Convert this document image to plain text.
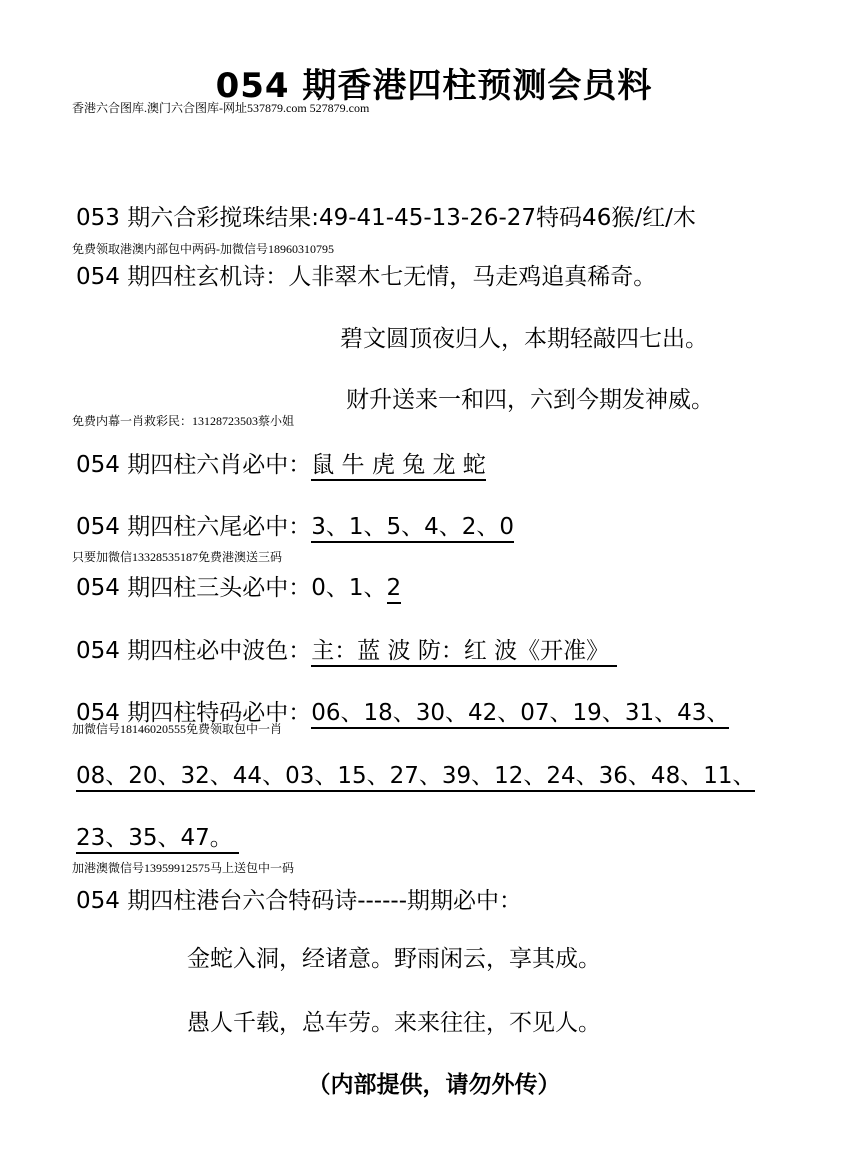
054 期香港四柱预测会员料
香港六合图库.澳门六合图库-网址537879.com 527879.com
053 期六合彩搅珠结果:49-41-45-13-26-27特码46猴/红/木
免费领取港澳内部包中两码-加微信号18960310795
054 期四柱玄机诗：人非翠木七无情，马走鸡追真稀奇。
碧文圆顶夜归人，本期轻敲四七出。
财升送来一和四，六到今期发神威。
免费内幕一肖救彩民：13128723503蔡小姐
054 期四柱六肖必中：鼠 牛 虎 兔 龙 蛇
054 期四柱六尾必中：3、1、5、4、2、0
只要加微信13328535187免费港澳送三码
054 期四柱三头必中：0、1、2
054 期四柱必中波色：主：蓝 波 防：红 波《开准》
054 期四柱特码必中：06、18、30、42、07、19、31、43、
加微信号18146020555免费领取包中一肖
08、20、32、44、03、15、27、39、12、24、36、48、11、
23、35、47。
加港澳微信号13959912575马上送包中一码
054 期四柱港台六合特码诗------期期必中：
金蛇入洞，经诸意。野雨闲云，享其成。
愚人千载，总车劳。来来往往，不见人。
（内部提供，请勿外传）
